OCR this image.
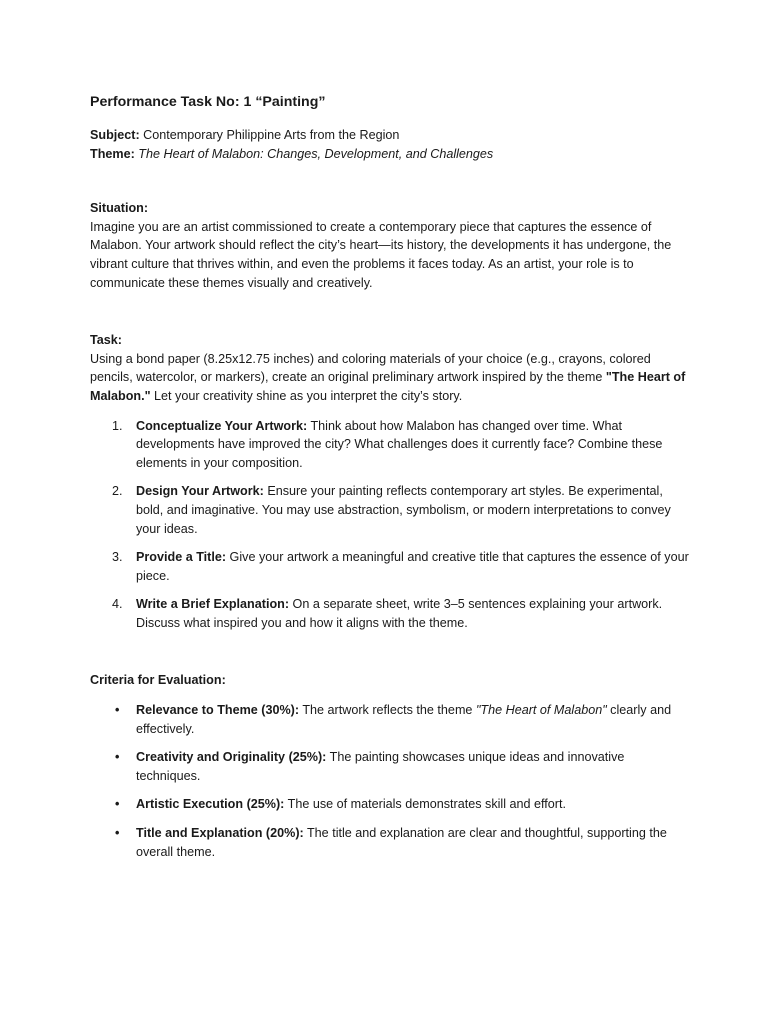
Performance Task No: 1 “Painting”

Subject: Contemporary Philippine Arts from the Region

Theme: The Heart of Malabon: Changes, Development, and Challenges

Situation:

Imagine you are an artist commissioned to create a contemporary piece that captures the essence of Malabon. Your artwork should reflect the city’s heart—its history, the developments it has undergone, the vibrant culture that thrives within, and even the problems it faces today. As an artist, your role is to communicate these themes visually and creatively.

Task:

Using a bond paper (8.25x12.75 inches) and coloring materials of your choice (e.g., crayons, colored pencils, watercolor, or markers), create an original preliminary artwork inspired by the theme "The Heart of Malabon." Let your creativity shine as you interpret the city’s story.

1. Conceptualize Your Artwork: Think about how Malabon has changed over time. What developments have improved the city? What challenges does it currently face? Combine these elements in your composition.
2. Design Your Artwork: Ensure your painting reflects contemporary art styles. Be experimental, bold, and imaginative. You may use abstraction, symbolism, or modern interpretations to convey your ideas.
3. Provide a Title: Give your artwork a meaningful and creative title that captures the essence of your piece.
4. Write a Brief Explanation: On a separate sheet, write 3–5 sentences explaining your artwork. Discuss what inspired you and how it aligns with the theme.

Criteria for Evaluation:

• Relevance to Theme (30%): The artwork reflects the theme "The Heart of Malabon" clearly and effectively.
• Creativity and Originality (25%): The painting showcases unique ideas and innovative techniques.
• Artistic Execution (25%): The use of materials demonstrates skill and effort.
• Title and Explanation (20%): The title and explanation are clear and thoughtful, supporting the overall theme.
